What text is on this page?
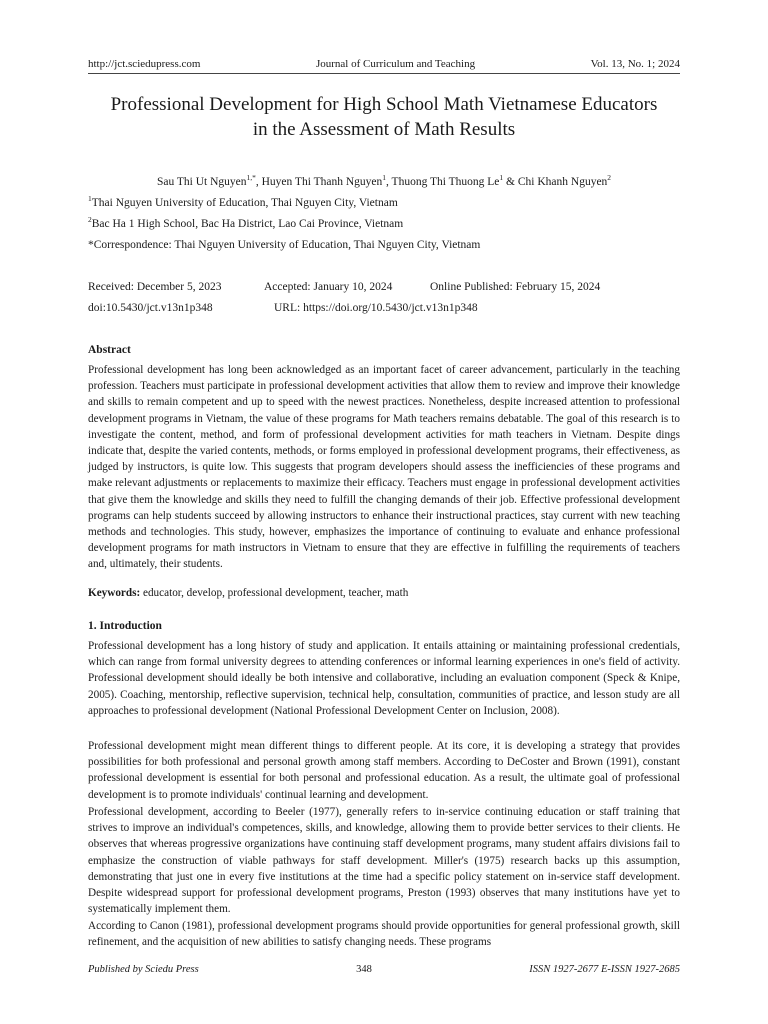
http://jct.sciedupress.com	Journal of Curriculum and Teaching	Vol. 13, No. 1; 2024
Professional Development for High School Math Vietnamese Educators
in the Assessment of Math Results
Sau Thi Ut Nguyen$^{1,*}$, Huyen Thi Thanh Nguyen$^1$, Thuong Thi Thuong Le$^1$ & Chi Khanh Nguyen$^2$
$^1$Thai Nguyen University of Education, Thai Nguyen City, Vietnam
$^2$Bac Ha 1 High School, Bac Ha District, Lao Cai Province, Vietnam
*Correspondence: Thai Nguyen University of Education, Thai Nguyen City, Vietnam
Received: December 5, 2023	Accepted: January 10, 2024	Online Published: February 15, 2024
doi:10.5430/jct.v13n1p348	URL: https://doi.org/10.5430/jct.v13n1p348
Abstract

Professional development has long been acknowledged as an important facet of career advancement, particularly in the teaching profession. Teachers must participate in professional development activities that allow them to review and improve their knowledge and skills to remain competent and up to speed with the newest practices. Nonetheless, despite increased attention to professional development programs in Vietnam, the value of these programs for Math teachers remains debatable. The goal of this research is to investigate the content, method, and form of professional development activities for math teachers in Vietnam. Despite dings indicate that, despite the varied contents, methods, or forms employed in professional development programs, their effectiveness, as judged by instructors, is quite low. This suggests that program developers should assess the inefficiencies of these programs and make relevant adjustments or replacements to maximize their efficacy. Teachers must engage in professional development activities that give them the knowledge and skills they need to fulfill the changing demands of their job. Effective professional development programs can help students succeed by allowing instructors to enhance their instructional practices, stay current with new teaching methods and technologies. This study, however, emphasizes the importance of continuing to evaluate and enhance professional development programs for math instructors in Vietnam to ensure that they are effective in fulfilling the requirements of teachers and, ultimately, their students.

Keywords: educator, develop, professional development, teacher, math
1. Introduction

Professional development has a long history of study and application. It entails attaining or maintaining professional credentials, which can range from formal university degrees to attending conferences or informal learning experiences in one's field of activity. Professional development should ideally be both intensive and collaborative, including an evaluation component (Speck & Knipe, 2005). Coaching, mentorship, reflective supervision, technical help, consultation, communities of practice, and lesson study are all approaches to professional development (National Professional Development Center on Inclusion, 2008).

Professional development might mean different things to different people. At its core, it is developing a strategy that provides possibilities for both professional and personal growth among staff members. According to DeCoster and Brown (1991), constant professional development is essential for both personal and professional education. As a result, the ultimate goal of professional development is to promote individuals' continual learning and development.

Professional development, according to Beeler (1977), generally refers to in-service continuing education or staff training that strives to improve an individual's competences, skills, and knowledge, allowing them to provide better services to their clients. He observes that whereas progressive organizations have continuing staff development programs, many student affairs divisions fail to emphasize the construction of viable pathways for staff development. Miller's (1975) research backs up this assumption, demonstrating that just one in every five institutions at the time had a specific policy statement on in-service staff development. Despite widespread support for professional development programs, Preston (1993) observes that many institutions have yet to systematically implement them.

According to Canon (1981), professional development programs should provide opportunities for general professional growth, skill refinement, and the acquisition of new abilities to satisfy changing needs. These programs

Published by Sciedu Press	348	ISSN 1927-2677 E-ISSN 1927-2685
